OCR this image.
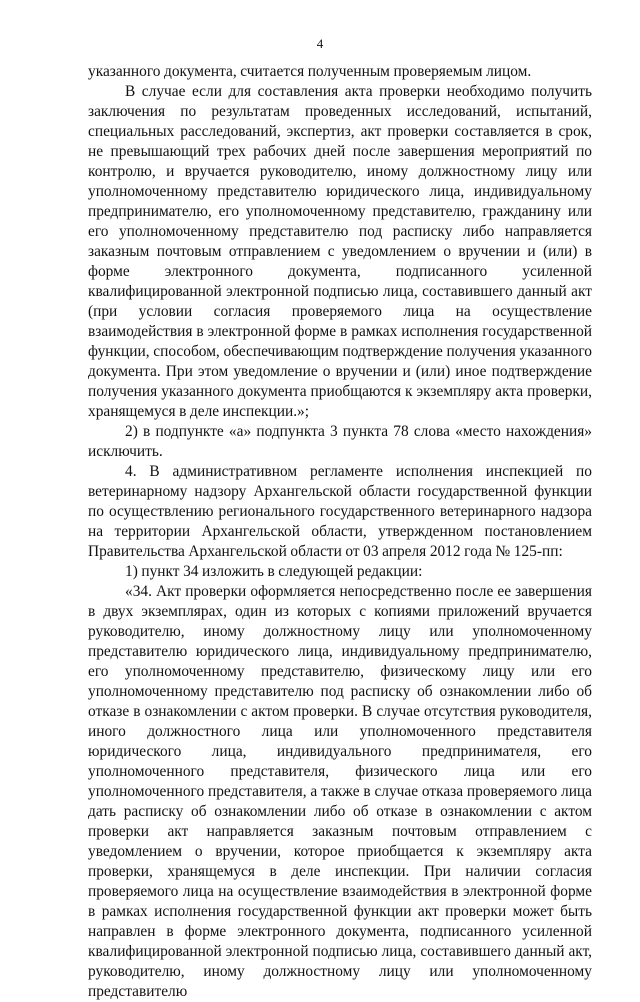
4

указанного документа, считается полученным проверяемым лицом.

В случае если для составления акта проверки необходимо получить заключения по результатам проведенных исследований, испытаний, специальных расследований, экспертиз, акт проверки составляется в срок, не превышающий трех рабочих дней после завершения мероприятий по контролю, и вручается руководителю, иному должностному лицу или уполномоченному представителю юридического лица, индивидуальному предпринимателю, его уполномоченному представителю, гражданину или его уполномоченному представителю под расписку либо направляется заказным почтовым отправлением с уведомлением о вручении и (или) в форме электронного документа, подписанного усиленной квалифицированной электронной подписью лица, составившего данный акт (при условии согласия проверяемого лица на осуществление взаимодействия в электронной форме в рамках исполнения государственной функции, способом, обеспечивающим подтверждение получения указанного документа. При этом уведомление о вручении и (или) иное подтверждение получения указанного документа приобщаются к экземпляру акта проверки, хранящемуся в деле инспекции.»;

2) в подпункте «а» подпункта 3 пункта 78 слова «место нахождения» исключить.

4. В административном регламенте исполнения инспекцией по ветеринарному надзору Архангельской области государственной функции по осуществлению регионального государственного ветеринарного надзора на территории Архангельской области, утвержденном постановлением Правительства Архангельской области от 03 апреля 2012 года № 125-пп:

1) пункт 34 изложить в следующей редакции:

«34. Акт проверки оформляется непосредственно после ее завершения в двух экземплярах, один из которых с копиями приложений вручается руководителю, иному должностному лицу или уполномоченному представителю юридического лица, индивидуальному предпринимателю, его уполномоченному представителю, физическому лицу или его уполномоченному представителю под расписку об ознакомлении либо об отказе в ознакомлении с актом проверки. В случае отсутствия руководителя, иного должностного лица или уполномоченного представителя юридического лица, индивидуального предпринимателя, его уполномоченного представителя, физического лица или его уполномоченного представителя, а также в случае отказа проверяемого лица дать расписку об ознакомлении либо об отказе в ознакомлении с актом проверки акт направляется заказным почтовым отправлением с уведомлением о вручении, которое приобщается к экземпляру акта проверки, хранящемуся в деле инспекции. При наличии согласия проверяемого лица на осуществление взаимодействия в электронной форме в рамках исполнения государственной функции акт проверки может быть направлен в форме электронного документа, подписанного усиленной квалифицированной электронной подписью лица, составившего данный акт, руководителю, иному должностному лицу или уполномоченному представителю
